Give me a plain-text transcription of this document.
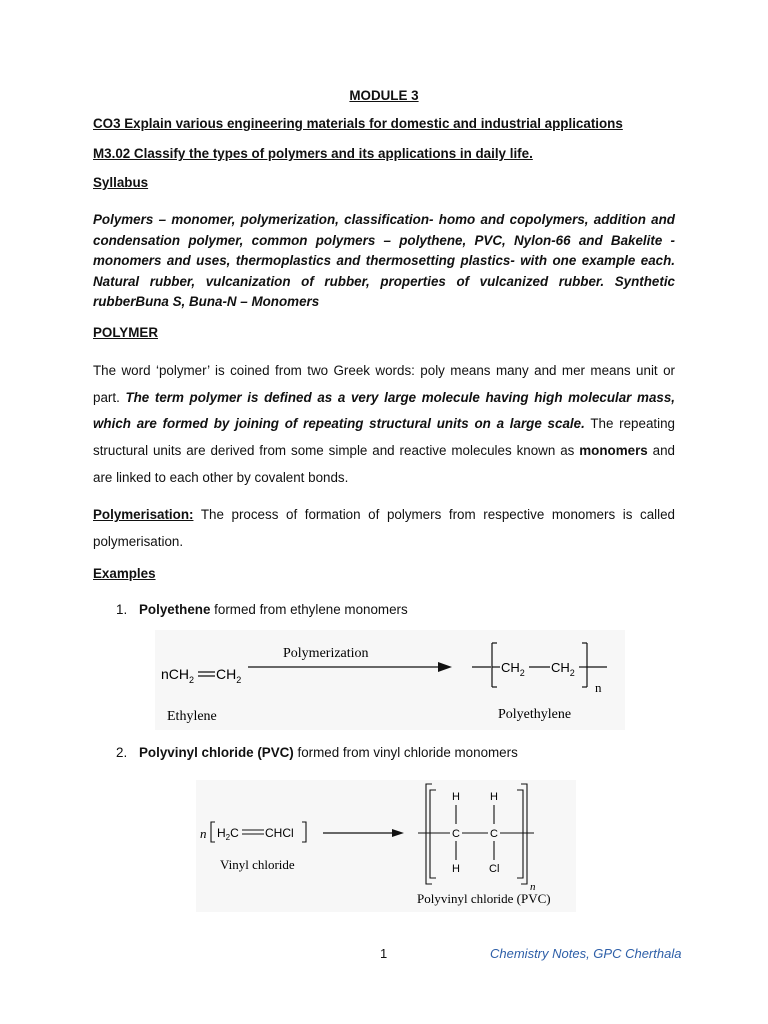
MODULE 3
CO3 Explain various engineering materials for domestic and industrial applications
M3.02 Classify the types of polymers and its applications in daily life.
Syllabus
Polymers – monomer, polymerization, classification- homo and copolymers, addition and condensation polymer, common polymers – polythene, PVC, Nylon-66 and Bakelite - monomers and uses, thermoplastics and thermosetting plastics- with one example each. Natural rubber, vulcanization of rubber, properties of vulcanized rubber. Synthetic rubberBuna S, Buna-N – Monomers
POLYMER
The word ‘polymer’ is coined from two Greek words: poly means many and mer means unit or part. The term polymer is defined as a very large molecule having high molecular mass, which are formed by joining of repeating structural units on a large scale. The repeating structural units are derived from some simple and reactive molecules known as monomers and are linked to each other by covalent bonds.
Polymerisation: The process of formation of polymers from respective monomers is called polymerisation.
Examples
1. Polyethene formed from ethylene monomers
nCH$_2$ $CH_2$
Polymerization
$CH_2$ $CH_2$
n
Ethylene	Polyethylene
2. Polyvinyl chloride (PVC) formed from vinyl chloride monomers
n $H_2C$ CHCl
Vinyl chloride
C	C
H	H
H	Cl
n
Polyvinyl chloride (PVC)
1	Chemistry Notes, GPC Cherthala
